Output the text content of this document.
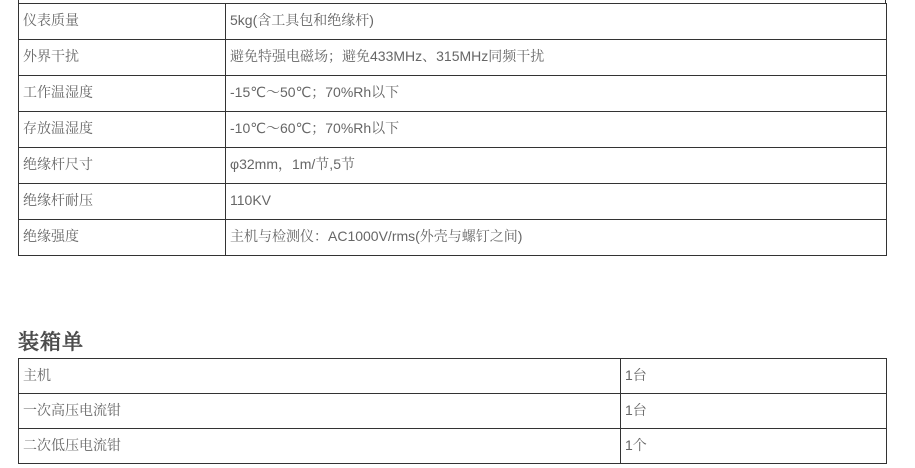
仪表质量	5kg(含工具包和绝缘杆)
外界干扰	避免特强电磁场；避免433MHz、315MHz同频干扰
工作温湿度	-15℃～50℃；70%Rh以下
存放温湿度	-10℃～60℃；70%Rh以下
绝缘杆尺寸	φ32mm，1m/节,5节
绝缘杆耐压	110KV
绝缘强度	主机与检测仪：AC1000V/rms(外壳与螺钉之间)
装箱单
主机	1台
一次高压电流钳	1台
二次低压电流钳	1个
